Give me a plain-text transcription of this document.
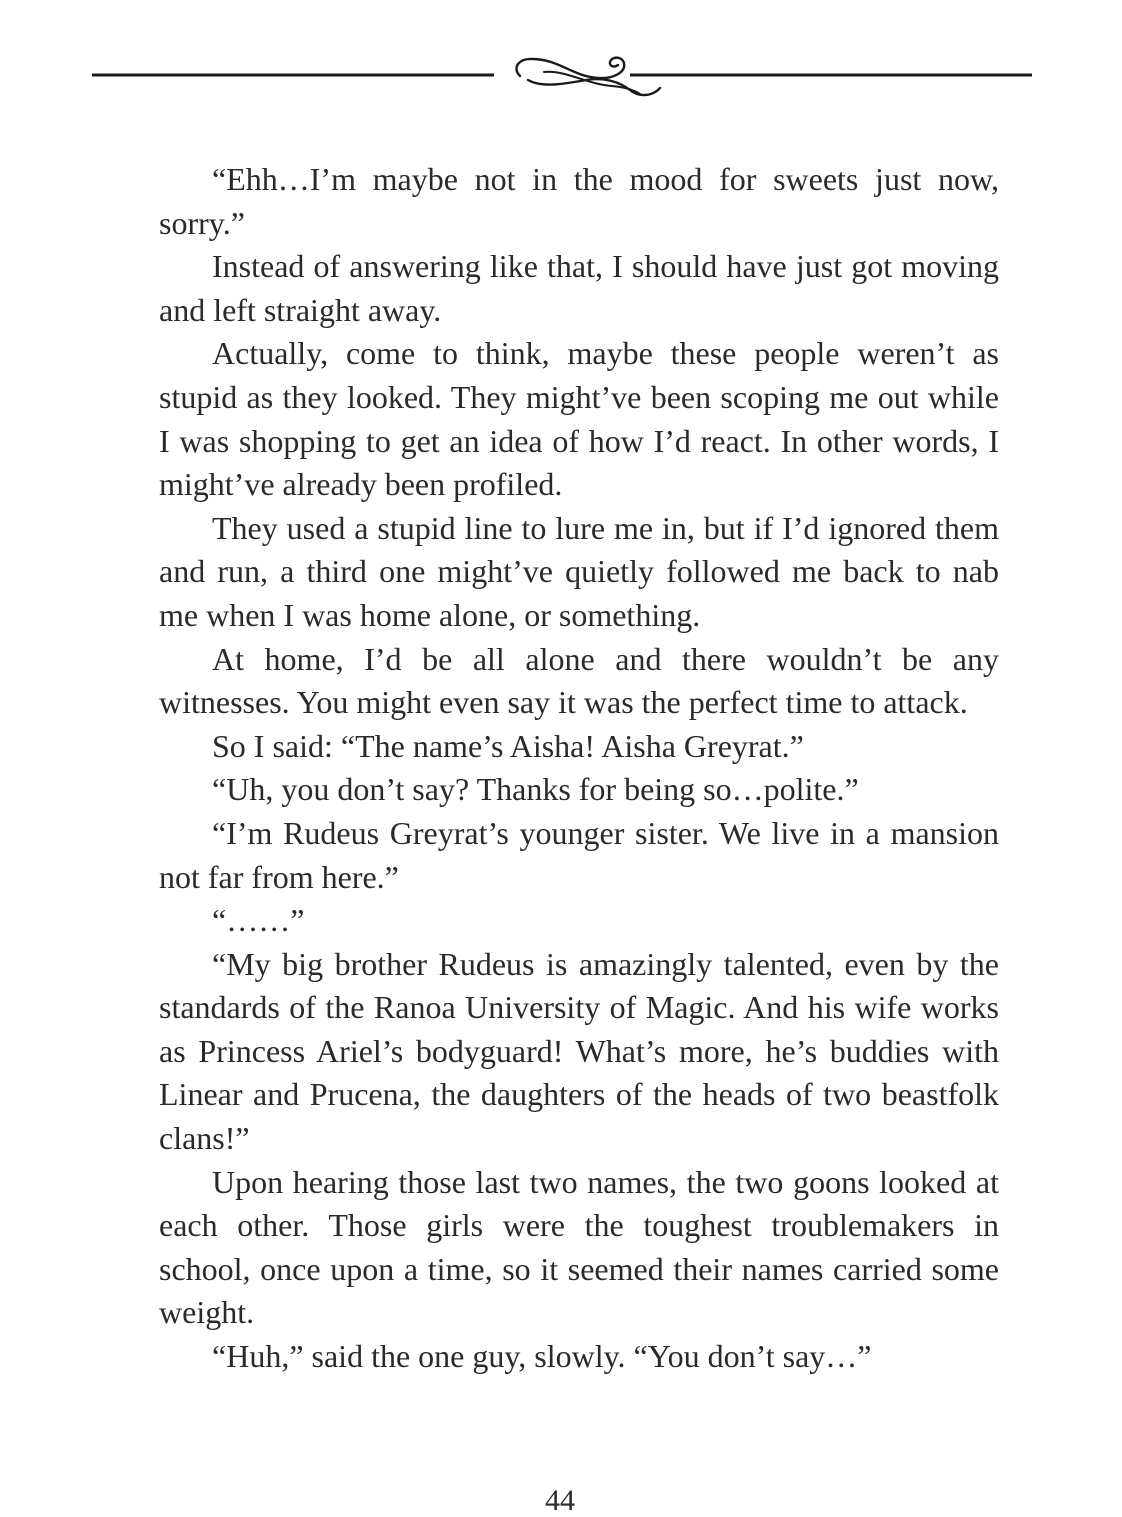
“Ehh…I’m maybe not in the mood for sweets just now, sorry.”

Instead of answering like that, I should have just got moving and left straight away.

Actually, come to think, maybe these people weren’t as stupid as they looked. They might’ve been scoping me out while I was shopping to get an idea of how I’d react. In other words, I might’ve already been profiled.

They used a stupid line to lure me in, but if I’d ignored them and run, a third one might’ve quietly followed me back to nab me when I was home alone, or something.

At home, I’d be all alone and there wouldn’t be any witnesses. You might even say it was the perfect time to attack.

So I said: “The name’s Aisha! Aisha Greyrat.”

“Uh, you don’t say? Thanks for being so…polite.”

“I’m Rudeus Greyrat’s younger sister. We live in a mansion not far from here.”

“……”

“My big brother Rudeus is amazingly talented, even by the standards of the Ranoa University of Magic. And his wife works as Princess Ariel’s bodyguard! What’s more, he’s buddies with Linear and Prucena, the daughters of the heads of two beastfolk clans!”

Upon hearing those last two names, the two goons looked at each other. Those girls were the toughest troublemakers in school, once upon a time, so it seemed their names carried some weight.

“Huh,” said the one guy, slowly. “You don’t say…”

44
